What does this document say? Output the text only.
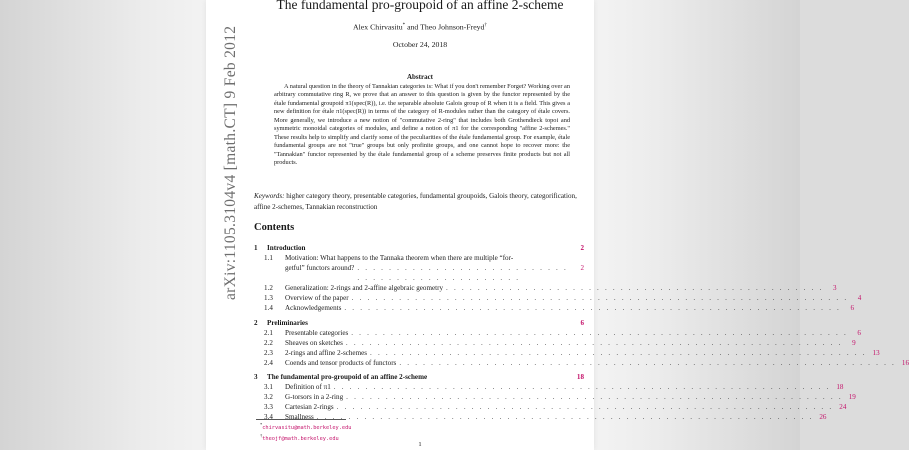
arXiv:1105.3104v4 [math.CT] 9 Feb 2012
The fundamental pro-groupoid of an affine 2-scheme
Alex Chirvasitu* and Theo Johnson-Freyd†
October 24, 2018
Abstract

A natural question in the theory of Tannakian categories is: What if you don't remember Forget? Working over an arbitrary commutative ring R, we prove that an answer to this question is given by the functor represented by the étale fundamental groupoid π1(spec(R)), i.e. the separable absolute Galois group of R when it is a field. This gives a new definition for étale π1(spec(R)) in terms of the category of R-modules rather than the category of étale covers. More generally, we introduce a new notion of "commutative 2-ring" that includes both Grothendieck topoi and symmetric monoidal categories of modules, and define a notion of π1 for the corresponding "affine 2-schemes." These results help to simplify and clarify some of the peculiarities of the étale fundamental group. For example, étale fundamental groups are not "true" groups but only profinite groups, and one cannot hope to recover more: the "Tannakian" functor represented by the étale fundamental group of a scheme preserves finite products but not all products.

Keywords: higher category theory, presentable categories, fundamental groupoids, Galois theory, categorification, affine 2-schemes, Tannakian reconstruction

Contents
1	Introduction	2
1.1	Motivation: What happens to the Tannaka theorem when there are multiple “for-
getful” functors around? . . . . . . . . . . . . . . . . . . . . . . . . . . . . . . . . . . . . . . . . . . . . . . . .
2
1.2	Generalization: 2-rings and 2-affine algebraic geometry . . . . . . . . . . . . . . . . . . . . . . . . . . . . . . . . . . . . . . . . . . . . . . . .	3
1.3	Overview of the paper . . . . . . . . . . . . . . . . . . . . . . . . . . . . . . . . . . . . . . . . . . . . . . . . . . . . . . . . . . . . . . .	4
1.4	Acknowledgements . . . . . . . . . . . . . . . . . . . . . . . . . . . . . . . . . . . . . . . . . . . . . . . . . . . . . . . . . . . . . . .	6
2	Preliminaries	6
2.1	Presentable categories . . . . . . . . . . . . . . . . . . . . . . . . . . . . . . . . . . . . . . . . . . . . . . . . . . . . . . . . . . . . . . .	6
2.2	Sheaves on sketches . . . . . . . . . . . . . . . . . . . . . . . . . . . . . . . . . . . . . . . . . . . . . . . . . . . . . . . . . . . . . . .	9
2.3	2-rings and affine 2-schemes . . . . . . . . . . . . . . . . . . . . . . . . . . . . . . . . . . . . . . . . . . . . . . . . . . . . . . . . . . . . . . . 13
2.4	Coends and tensor products of functors . . . . . . . . . . . . . . . . . . . . . . . . . . . . . . . . . . . . . . . . . . . . . . . . . . . . . . . . . . . . . . . 16
3	The fundamental pro-groupoid of an affine 2-scheme	18
3.1	Definition of π1 . . . . . . . . . . . . . . . . . . . . . . . . . . . . . . . . . . . . . . . . . . . . . . . . . . . . . . . . . . . . . . . 18
3.2	G-torsors in a 2-ring . . . . . . . . . . . . . . . . . . . . . . . . . . . . . . . . . . . . . . . . . . . . . . . . . . . . . . . . . . . . . . . 19
3.3	Cartesian 2-rings . . . . . . . . . . . . . . . . . . . . . . . . . . . . . . . . . . . . . . . . . . . . . . . . . . . . . . . . . . . . . . . 24
3.4	Smallness . . . . . . . . . . . . . . . . . . . . . . . . . . . . . . . . . . . . . . . . . . . . . . . . . . . . . . . . . . . . . . . 26
*chirvasitu@math.berkeley.edu
†theojf@math.berkeley.edu
1
